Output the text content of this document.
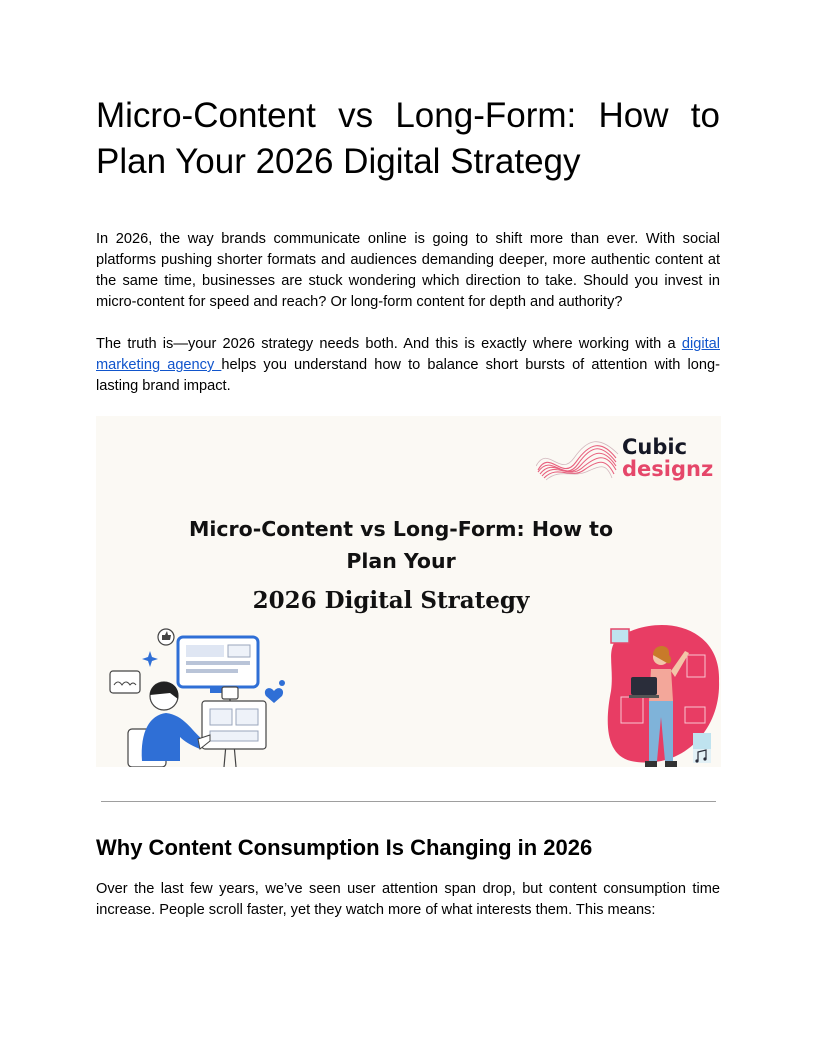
Micro-Content vs Long-Form: How to Plan Your 2026 Digital Strategy

In 2026, the way brands communicate online is going to shift more than ever. With social platforms pushing shorter formats and audiences demanding deeper, more authentic content at the same time, businesses are stuck wondering which direction to take. Should you invest in micro-content for speed and reach? Or long-form content for depth and authority?

The truth is—your 2026 strategy needs both. And this is exactly where working with a digital marketing agency helps you understand how to balance short bursts of attention with long-lasting brand impact.

Cubic
designz
Micro-Content vs Long-Form: How to Plan Your
2026 Digital Strategy
Why Content Consumption Is Changing in 2026

Over the last few years, we’ve seen user attention span drop, but content consumption time increase. People scroll faster, yet they watch more of what interests them. This means:
